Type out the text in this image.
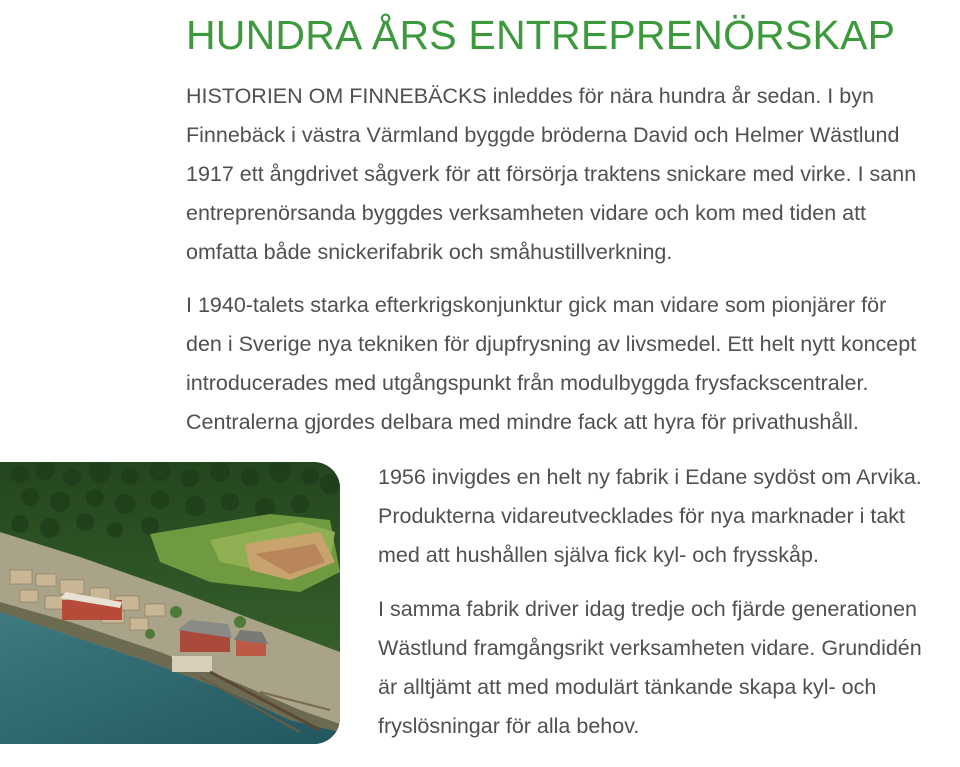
HUNDRA ÅRS ENTREPRENÖRSKAP
HISTORIEN OM FINNEBÄCKS inleddes för nära hundra år sedan. I byn
Finnebäck i västra Värmland byggde bröderna David och Helmer Wästlund
1917 ett ångdrivet sågverk för att försörja traktens snickare med virke. I sann
entreprenörsanda byggdes verksamheten vidare och kom med tiden att
omfatta både snickerifabrik och småhustillverkning.
I 1940-talets starka efterkrigskonjunktur gick man vidare som pionjärer för
den i Sverige nya tekniken för djupfrysning av livsmedel. Ett helt nytt koncept
introducerades med utgångspunkt från modulbyggda frysfackscentraler.
Centralerna gjordes delbara med mindre fack att hyra för privathushåll.
1956 invigdes en helt ny fabrik i Edane sydöst om Arvika.
Produkterna vidareutvecklades för nya marknader i takt
med att hushållen själva fick kyl- och frysskåp.
I samma fabrik driver idag tredje och fjärde generationen
Wästlund framgångsrikt verksamheten vidare. Grundidén
är alltjämt att med modulärt tänkande skapa kyl- och
fryslösningar för alla behov.
